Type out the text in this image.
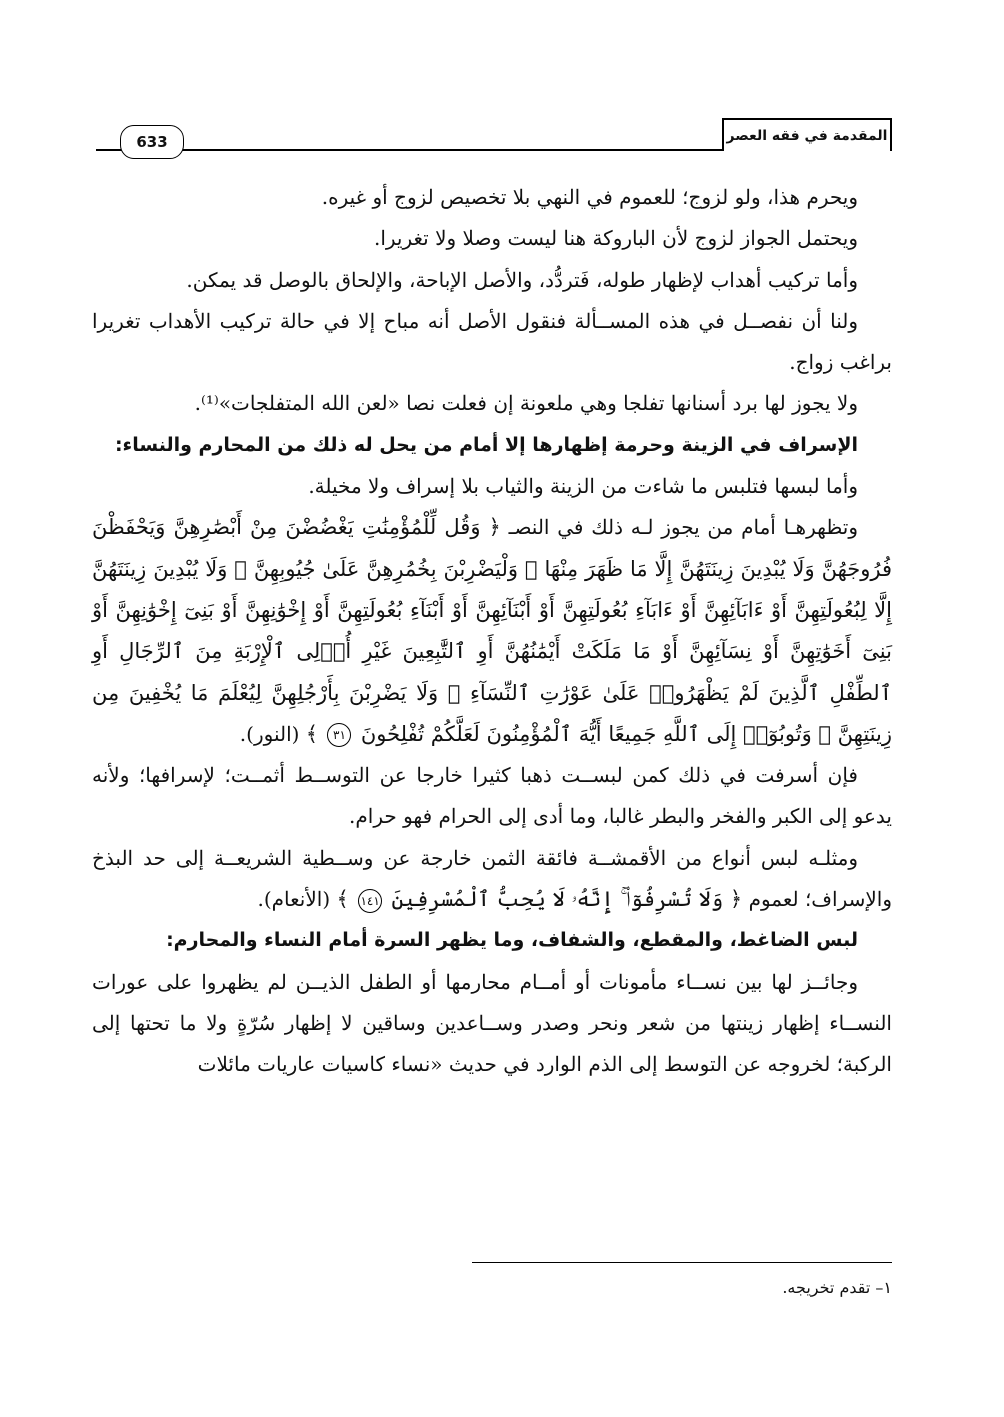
633	المقدمة في فقه العصر

ويحرم هذا، ولو لزوج؛ للعموم في النهي بلا تخصيص لزوج أو غيره.

ويحتمل الجواز لزوج لأن الباروكة هنا ليست وصلا ولا تغريرا.

وأما تركيب أهداب لإظهار طوله، فَتردُّد، والأصل الإباحة، والإلحاق بالوصل قد يمكن.

ولنا أن نفصــل في هذه المســألة فنقول الأصل أنه مباح إلا في حالة تركيب الأهداب تغريرا براغب زواج.

ولا يجوز لها برد أسنانها تفلجا وهي ملعونة إن فعلت نصا «لعن الله المتفلجات»⁽¹⁾.

الإسراف في الزينة وحرمة إظهارها إلا أمام من يحل له ذلك من المحارم والنساء:

وأما لبسها فتلبس ما شاءت من الزينة والثياب بلا إسراف ولا مخيلة.

وتظهرهـا أمام من يجوز لـه ذلك في النصـ ﴿ وَقُل لِّلْمُؤْمِنَٰتِ يَغْضُضْنَ مِنْ أَبْصَٰرِهِنَّ وَيَحْفَظْنَ فُرُوجَهُنَّ وَلَا يُبْدِينَ زِينَتَهُنَّ إِلَّا مَا ظَهَرَ مِنْهَا ۖ وَلْيَضْرِبْنَ بِخُمُرِهِنَّ عَلَىٰ جُيُوبِهِنَّ ۖ وَلَا يُبْدِينَ زِينَتَهُنَّ إِلَّا لِبُعُولَتِهِنَّ أَوْ ءَابَآئِهِنَّ أَوْ ءَابَآءِ بُعُولَتِهِنَّ أَوْ أَبْنَآئِهِنَّ أَوْ أَبْنَآءِ بُعُولَتِهِنَّ أَوْ إِخْوَٰنِهِنَّ أَوْ بَنِىٓ إِخْوَٰنِهِنَّ أَوْ بَنِىٓ أَخَوَٰتِهِنَّ أَوْ نِسَآئِهِنَّ أَوْ مَا مَلَكَتْ أَيْمَٰنُهُنَّ أَوِ ٱلتَّٰبِعِينَ غَيْرِ أُو۟لِى ٱلْإِرْبَةِ مِنَ ٱلرِّجَالِ أَوِ ٱلطِّفْلِ ٱلَّذِينَ لَمْ يَظْهَرُوا۟ عَلَىٰ عَوْرَٰتِ ٱلنِّسَآءِ ۖ وَلَا يَضْرِبْنَ بِأَرْجُلِهِنَّ لِيُعْلَمَ مَا يُخْفِينَ مِن زِينَتِهِنَّ ۚ وَتُوبُوٓا۟ إِلَى ٱللَّهِ جَمِيعًا أَيُّهَ ٱلْمُؤْمِنُونَ لَعَلَّكُمْ تُفْلِحُونَ ٣١ ﴾ (النور).

فإن أسرفت في ذلك كمن لبســت ذهبا كثيرا خارجا عن التوســط أثمــت؛ لإسرافها؛ ولأنه يدعو إلى الكبر والفخر والبطر غالبا، وما أدى إلى الحرام فهو حرام.

ومثلـه لبس أنواع من الأقمشــة فائقة الثمن خارجة عن وســطية الشريعــة إلى حد البذخ والإسراف؛ لعموم ﴿ وَلَا تُسْرِفُوٓا۟ ۚ إِنَّهُۥ لَا يُحِبُّ ٱلْمُسْرِفِينَ ١٤١ ﴾ (الأنعام).

لبس الضاغط، والمقطع، والشفاف، وما يظهر السرة أمام النساء والمحارم:

وجائــز لها بين نســاء مأمونات أو أمــام محارمها أو الطفل الذيــن لم يظهروا على عورات النســاء إظهار زينتها من شعر ونحر وصدر وســاعدين وساقين لا إظهار سُرّةٍ ولا ما تحتها إلى الركبة؛ لخروجه عن التوسط إلى الذم الوارد في حديث «نساء كاسيات عاريات مائلات

١– تقدم تخريجه.
